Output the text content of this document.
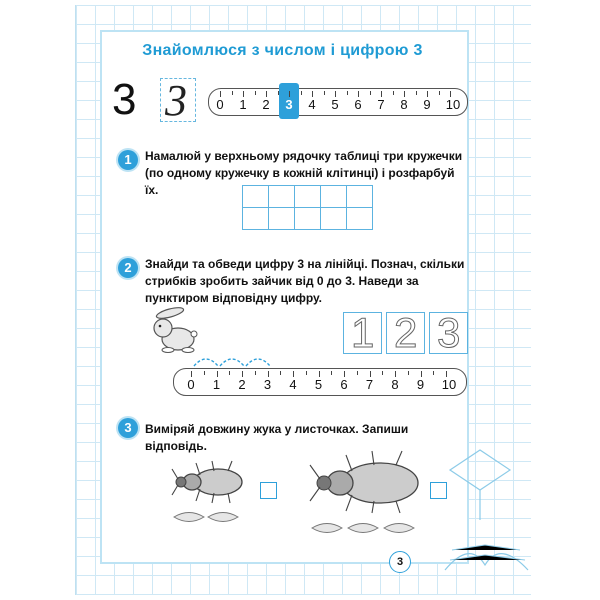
Знайомлюся з числом і цифрою 3
3 3 0 1 2 3 4 5 6 7 8 9 10
1	Намалюй у верхньому рядочку таблиці три кружечки (по одному кружечку в кожній клітинці) і розфарбуй їх.
2	Знайди та обведи цифру 3 на лінійці. Познач, скільки стрибків зробить зайчик від 0 до 3. Наведи за пунктиром відповідну цифру.
1 2 3
0 1 2 3 4 5 6 7 8 9 10
3	Виміряй довжину жука у листочках. Запиши відповідь.
3
